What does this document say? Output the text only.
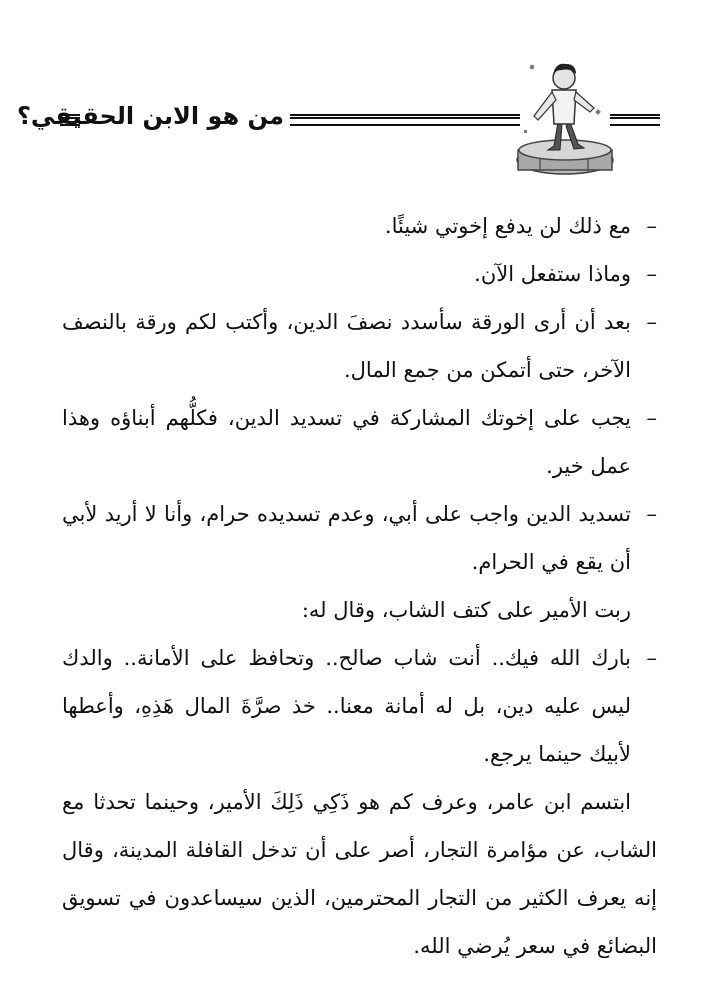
من هو الابن الحقيقي؟

–
مع ذلك لن يدفع إخوتي شيئًا.

–
وماذا ستفعل الآن.

–
بعد أن أرى الورقة سأسدد نصفَ الدين، وأكتب لكم ورقة بالنصف الآخر، حتى أتمكن من جمع المال.

–
يجب على إخوتك المشاركة في تسديد الدين، فكلُّهم أبناؤه وهذا عمل خير.

–
تسديد الدين واجب على أبي، وعدم تسديده حرام، وأنا لا أريد لأبي أن يقع في الحرام.

ربت الأمير على كتف الشاب، وقال له:

–
بارك الله فيك.. أنت شاب صالح.. وتحافظ على الأمانة.. والدك ليس عليه دين، بل له أمانة معنا.. خذ صرَّةَ المال هَذِهِ، وأعطها لأبيك حينما يرجع.

ابتسم ابن عامر، وعرف كم هو ذَكِي ذَلِكَ الأمير، وحينما تحدثا مع الشاب، عن مؤامرة التجار، أصر على أن تدخل القافلة المدينة، وقال إنه يعرف الكثير من التجار المحترمين، الذين سيساعدون في تسويق البضائع في سعر يُرضي الله.
